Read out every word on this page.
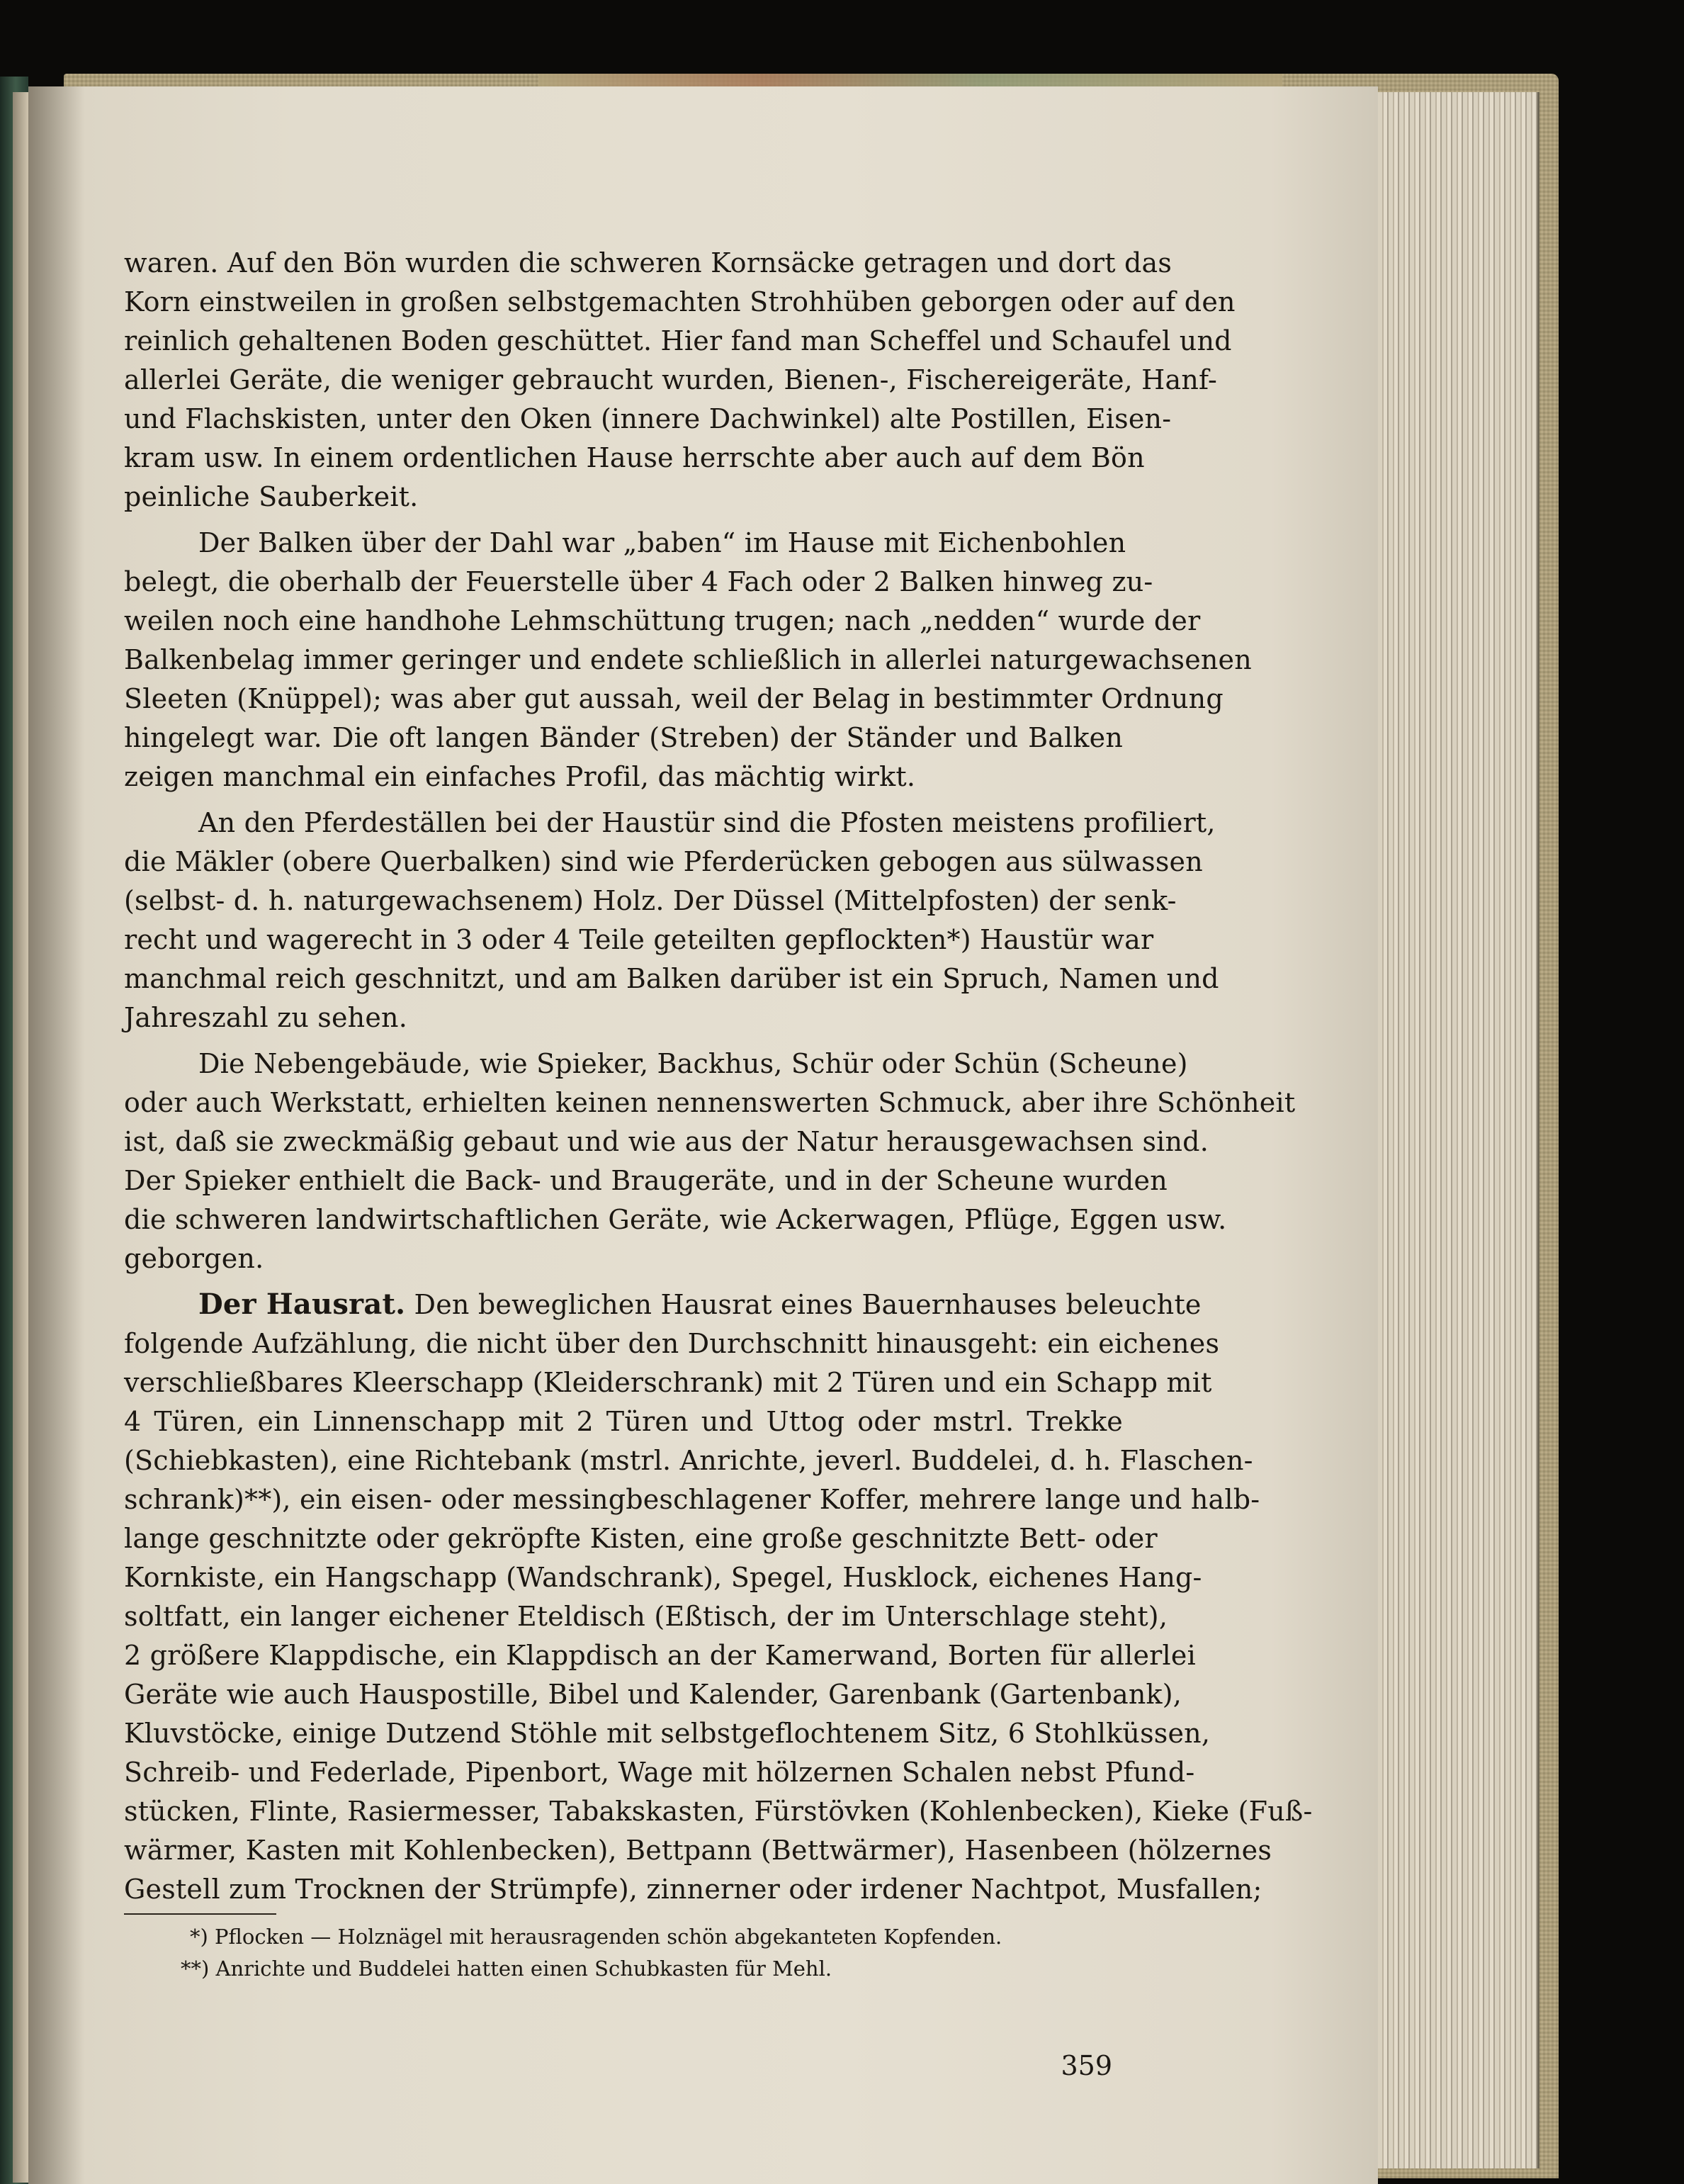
waren. Auf den Bön wurden die schweren Kornsäcke getragen und dort das
Korn einstweilen in großen selbstgemachten Strohhüben geborgen oder auf den
reinlich gehaltenen Boden geschüttet. Hier fand man Scheffel und Schaufel und
allerlei Geräte, die weniger gebraucht wurden, Bienen-, Fischereigeräte, Hanf-
und Flachskisten, unter den Oken (innere Dachwinkel) alte Postillen, Eisen-
kram usw. In einem ordentlichen Hause herrschte aber auch auf dem Bön
peinliche Sauberkeit.
Der Balken über der Dahl war „baben“ im Hause mit Eichenbohlen
belegt, die oberhalb der Feuerstelle über 4 Fach oder 2 Balken hinweg zu-
weilen noch eine handhohe Lehmschüttung trugen; nach „nedden“ wurde der
Balkenbelag immer geringer und endete schließlich in allerlei naturgewachsenen
Sleeten (Knüppel); was aber gut aussah, weil der Belag in bestimmter Ordnung
hingelegt war. Die oft langen Bänder (Streben) der Ständer und Balken
zeigen manchmal ein einfaches Profil, das mächtig wirkt.
An den Pferdeställen bei der Haustür sind die Pfosten meistens profiliert,
die Mäkler (obere Querbalken) sind wie Pferderücken gebogen aus sülwassen
(selbst- d. h. naturgewachsenem) Holz. Der Düssel (Mittelpfosten) der senk-
recht und wagerecht in 3 oder 4 Teile geteilten gepflockten*) Haustür war
manchmal reich geschnitzt, und am Balken darüber ist ein Spruch, Namen und
Jahreszahl zu sehen.
Die Nebengebäude, wie Spieker, Backhus, Schür oder Schün (Scheune)
oder auch Werkstatt, erhielten keinen nennenswerten Schmuck, aber ihre Schönheit
ist, daß sie zweckmäßig gebaut und wie aus der Natur herausgewachsen sind.
Der Spieker enthielt die Back- und Braugeräte, und in der Scheune wurden
die schweren landwirtschaftlichen Geräte, wie Ackerwagen, Pflüge, Eggen usw.
geborgen.
Der Hausrat. Den beweglichen Hausrat eines Bauernhauses beleuchte
folgende Aufzählung, die nicht über den Durchschnitt hinausgeht: ein eichenes
verschließbares Kleerschapp (Kleiderschrank) mit 2 Türen und ein Schapp mit
4 Türen, ein Linnenschapp mit 2 Türen und Uttog oder mstrl. Trekke
(Schiebkasten), eine Richtebank (mstrl. Anrichte, jeverl. Buddelei, d. h. Flaschen-
schrank)**), ein eisen- oder messingbeschlagener Koffer, mehrere lange und halb-
lange geschnitzte oder gekröpfte Kisten, eine große geschnitzte Bett- oder
Kornkiste, ein Hangschapp (Wandschrank), Spegel, Husklock, eichenes Hang-
soltfatt, ein langer eichener Eteldisch (Eßtisch, der im Unterschlage steht),
2 größere Klappdische, ein Klappdisch an der Kamerwand, Borten für allerlei
Geräte wie auch Hauspostille, Bibel und Kalender, Garenbank (Gartenbank),
Kluvstöcke, einige Dutzend Stöhle mit selbstgeflochtenem Sitz, 6 Stohlküssen,
Schreib- und Federlade, Pipenbort, Wage mit hölzernen Schalen nebst Pfund-
stücken, Flinte, Rasiermesser, Tabakskasten, Fürstövken (Kohlenbecken), Kieke (Fuß-
wärmer, Kasten mit Kohlenbecken), Bettpann (Bettwärmer), Hasenbeen (hölzernes
Gestell zum Trocknen der Strümpfe), zinnerner oder irdener Nachtpot, Musfallen;
*) Pflocken — Holznägel mit herausragenden schön abgekanteten Kopfenden.
**) Anrichte und Buddelei hatten einen Schubkasten für Mehl.
359
